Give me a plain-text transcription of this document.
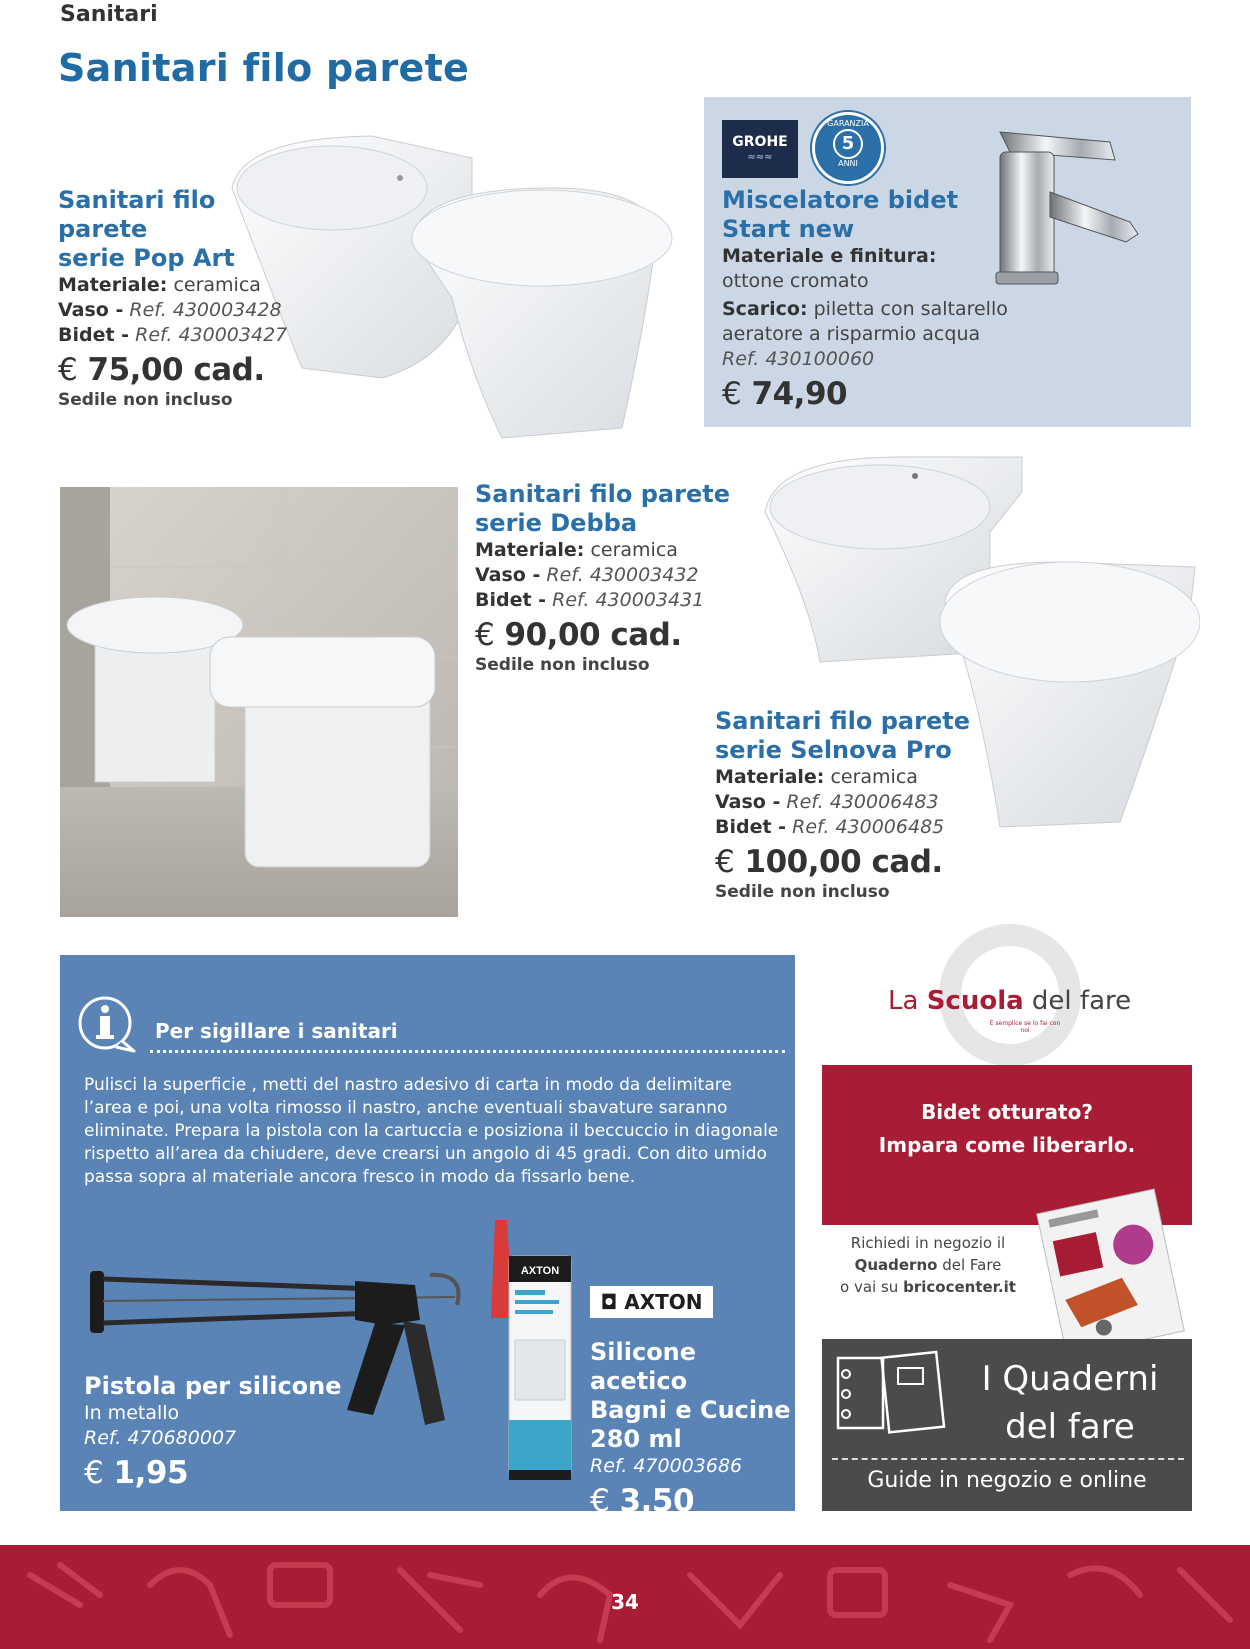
Sanitari
Sanitari filo parete
Sanitari filo
parete
serie Pop Art
Materiale: ceramica
Vaso - Ref. 430003428
Bidet - Ref. 430003427
€ 75,00 cad.
Sedile non incluso
GROHE
≈≈≈
GARANZIA
5
ANNI
Miscelatore bidet
Start new
Materiale e finitura:
ottone cromato
Scarico: piletta con saltarello
aeratore a risparmio acqua
Ref. 430100060
€ 74,90
Sanitari filo parete
serie Debba
Materiale: ceramica
Vaso - Ref. 430003432
Bidet - Ref. 430003431
€ 90,00 cad.
Sedile non incluso
Sanitari filo parete
serie Selnova Pro
Materiale: ceramica
Vaso - Ref. 430006483
Bidet - Ref. 430006485
€ 100,00 cad.
Sedile non incluso
Per sigillare i sanitari
Pulisci la superficie , metti del nastro adesivo di carta in modo da delimitare l’area e poi, una volta rimosso il nastro, anche eventuali sbavature saranno eliminate. Prepara la pistola con la cartuccia e posiziona il beccuccio in diagonale rispetto all’area da chiudere, deve crearsi un angolo di 45 gradi. Con dito umido passa sopra al materiale ancora fresco in modo da fissarlo bene.
Pistola per silicone
In metallo
Ref. 470680007
€ 1,95
AXTON
◘ AXTON
Silicone acetico
Bagni e Cucine
280 ml
Ref. 470003686
€ 3,50
La Scuola del fare
È semplice se lo fai con noi
Bidet otturato?
Impara come liberarlo.
Richiedi in negozio il
Quaderno del Fare
o vai su bricocenter.it
I Quaderni
del fare
Guide in negozio e online
34
